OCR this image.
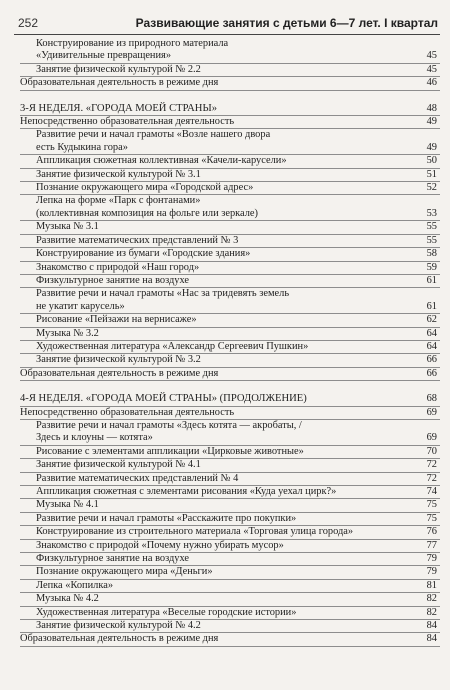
252	Развивающие занятия с детьми 6—7 лет. I квартал
Конструирование из природного материала
«Удивительные превращения»	45
Занятие физической культурой № 2.2	45
Образовательная деятельность в режиме дня	46
3-Я НЕДЕЛЯ. «ГОРОДА МОЕЙ СТРАНЫ»	48
Непосредственно образовательная деятельность	49
Развитие речи и начал грамоты «Возле нашего двора
есть Кудыкина гора»	49
Аппликация сюжетная коллективная «Качели-карусели»	50
Занятие физической культурой № 3.1	51
Познание окружающего мира «Городской адрес»	52
Лепка на форме «Парк с фонтанами»
(коллективная композиция на фольге или зеркале)	53
Музыка № 3.1	55
Развитие математических представлений № 3	55
Конструирование из бумаги «Городские здания»	58
Знакомство с природой «Наш город»	59
Физкультурное занятие на воздухе	61
Развитие речи и начал грамоты «Нас за тридевять земель
не укатит карусель»	61
Рисование «Пейзажи на вернисаже»	62
Музыка № 3.2	64
Художественная литература «Александр Сергеевич Пушкин»	64
Занятие физической культурой № 3.2	66
Образовательная деятельность в режиме дня	66
4-Я НЕДЕЛЯ. «ГОРОДА МОЕЙ СТРАНЫ» (ПРОДОЛЖЕНИЕ)	68
Непосредственно образовательная деятельность	69
Развитие речи и начал грамоты «Здесь котята — акробаты, /
Здесь и клоуны — котята»	69
Рисование с элементами аппликации «Цирковые животные»	70
Занятие физической культурой № 4.1	72
Развитие математических представлений № 4	72
Аппликация сюжетная с элементами рисования «Куда уехал цирк?»	74
Музыка № 4.1	75
Развитие речи и начал грамоты «Расскажите про покупки»	75
Конструирование из строительного материала «Торговая улица города»	76
Знакомство с природой «Почему нужно убирать мусор»	77
Физкультурное занятие на воздухе	79
Познание окружающего мира «Деньги»	79
Лепка «Копилка»	81
Музыка № 4.2	82
Художественная литература «Веселые городские истории»	82
Занятие физической культурой № 4.2	84
Образовательная деятельность в режиме дня	84
